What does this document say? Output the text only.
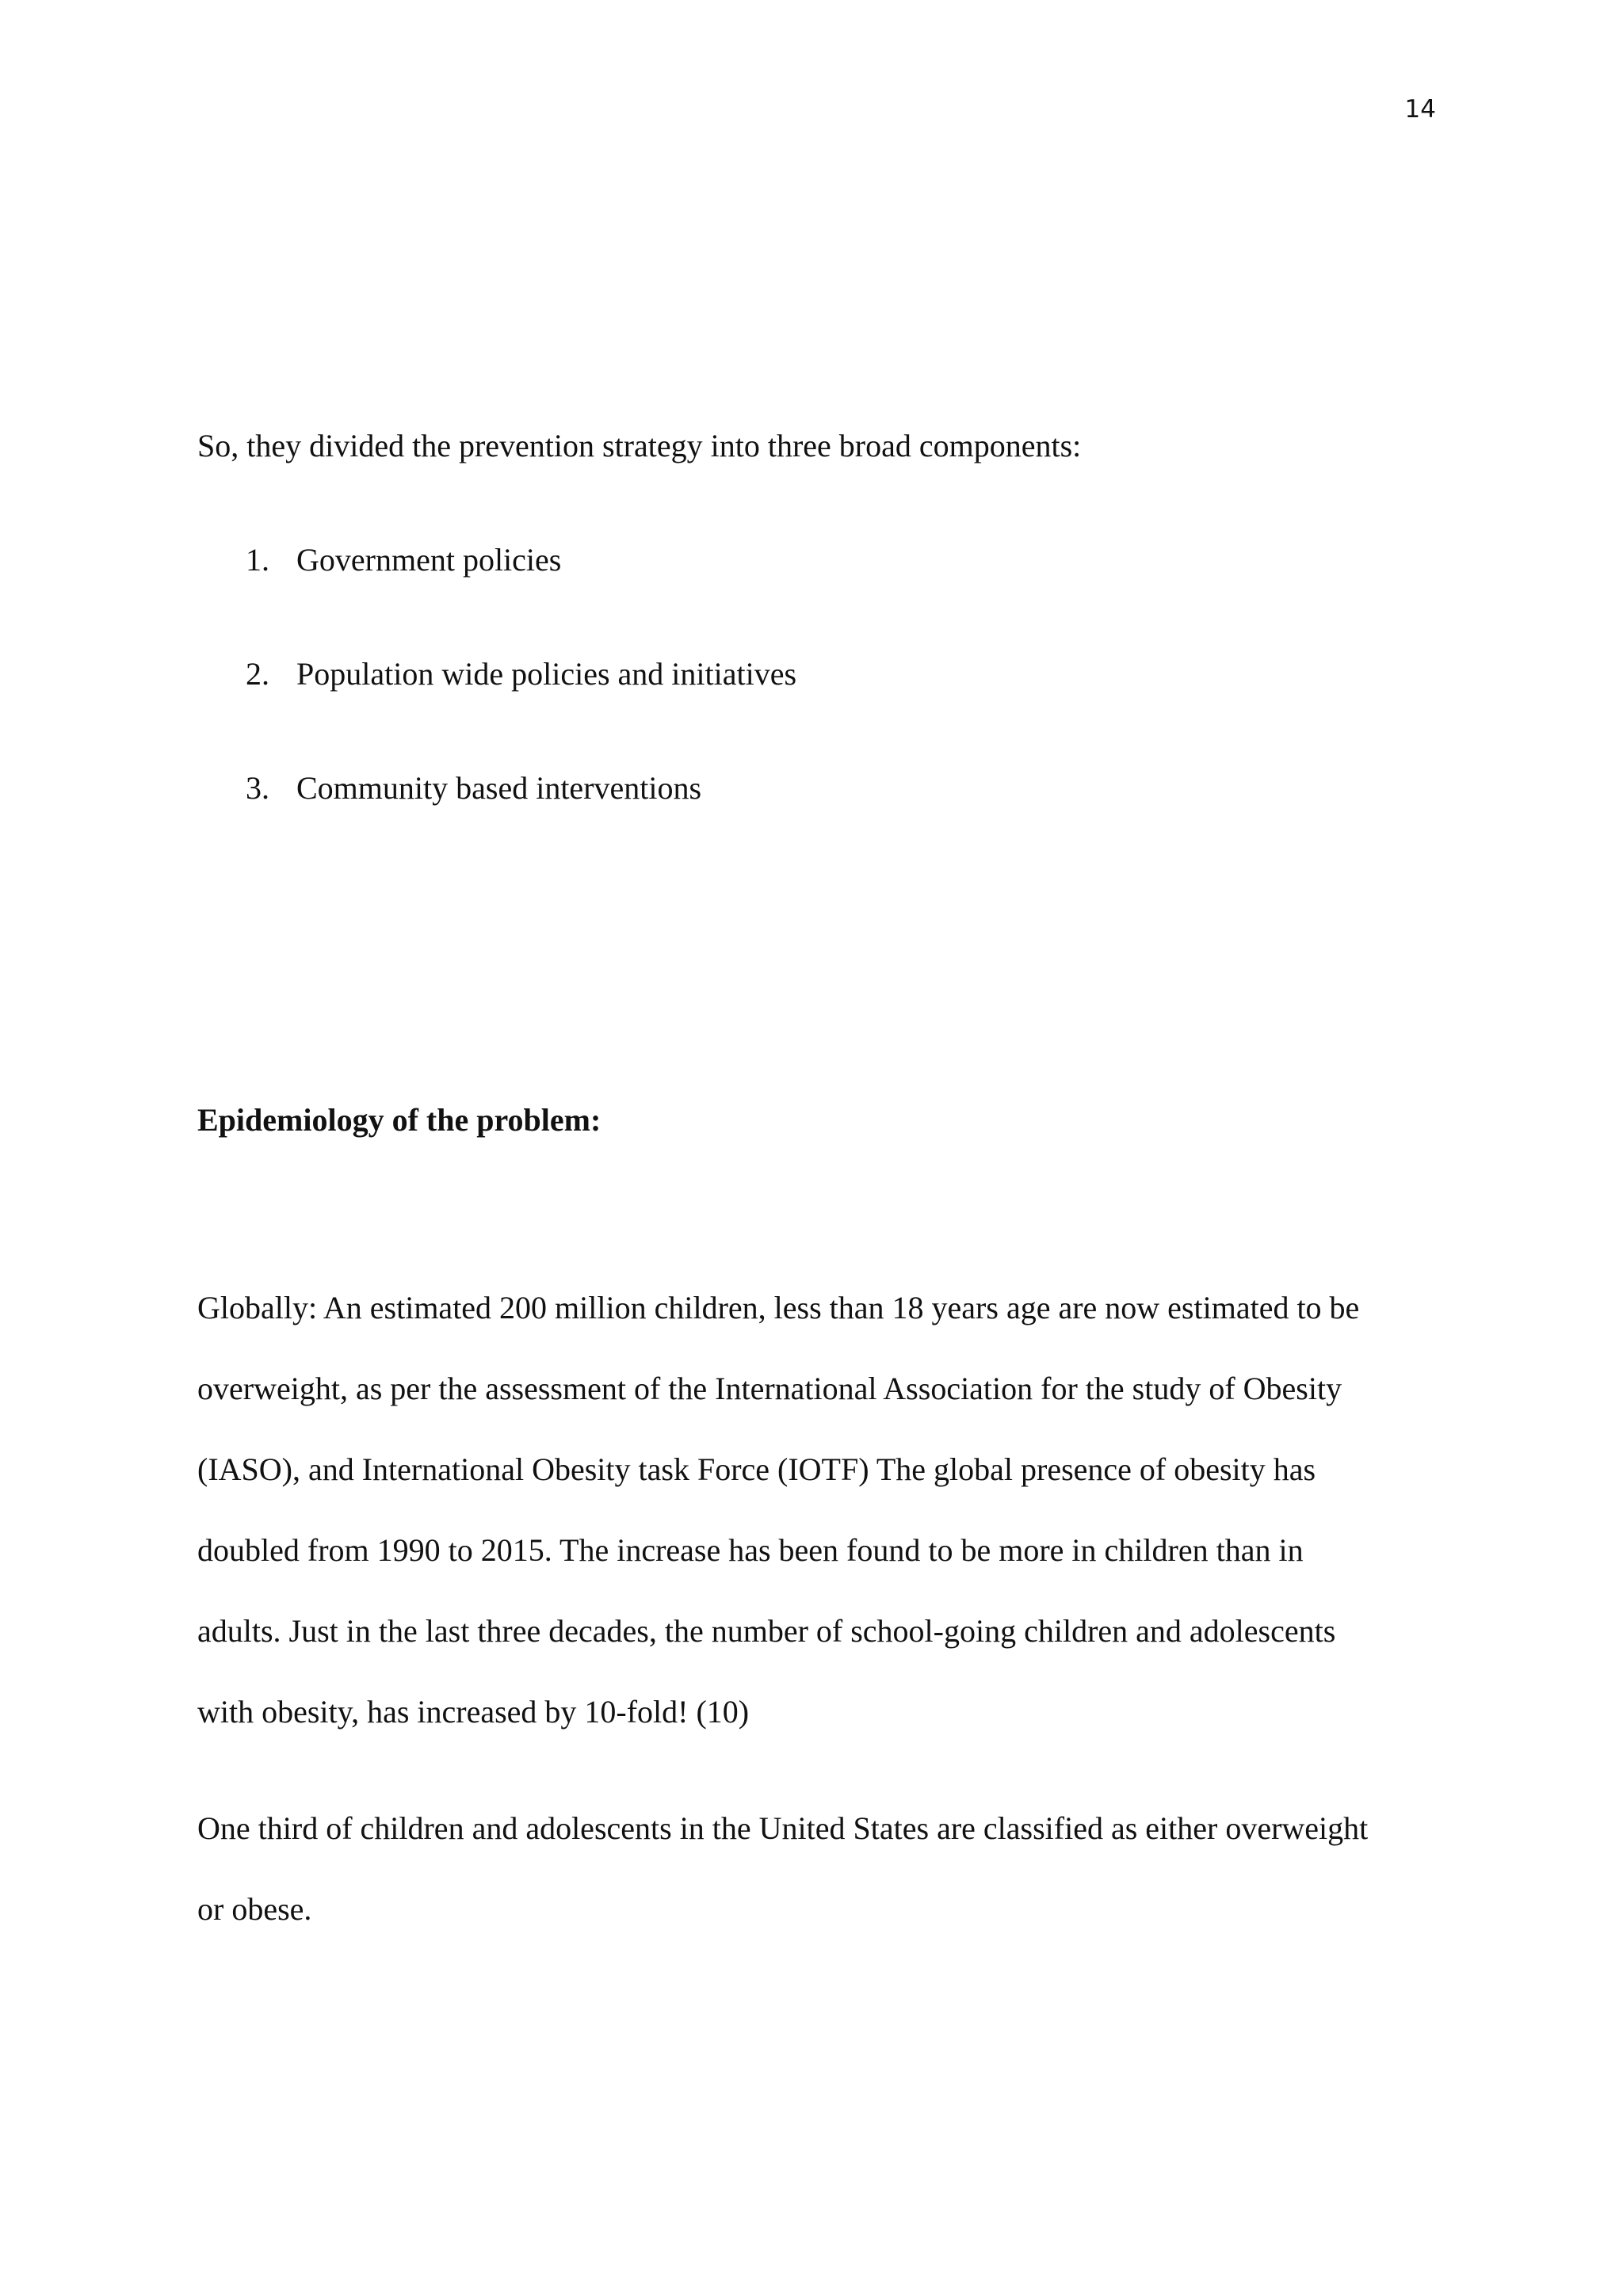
14
So, they divided the prevention strategy into three broad components:
1. Government policies
2. Population wide policies and initiatives
3. Community based interventions
Epidemiology of the problem:
Globally: An estimated 200 million children, less than 18 years age are now estimated to be
overweight, as per the assessment of the International Association for the study of Obesity
(IASO), and International Obesity task Force (IOTF) The global presence of obesity has
doubled from 1990 to 2015. The increase has been found to be more in children than in
adults. Just in the last three decades, the number of school-going children and adolescents
with obesity, has increased by 10-fold! (10)
One third of children and adolescents in the United States are classified as either overweight
or obese.
